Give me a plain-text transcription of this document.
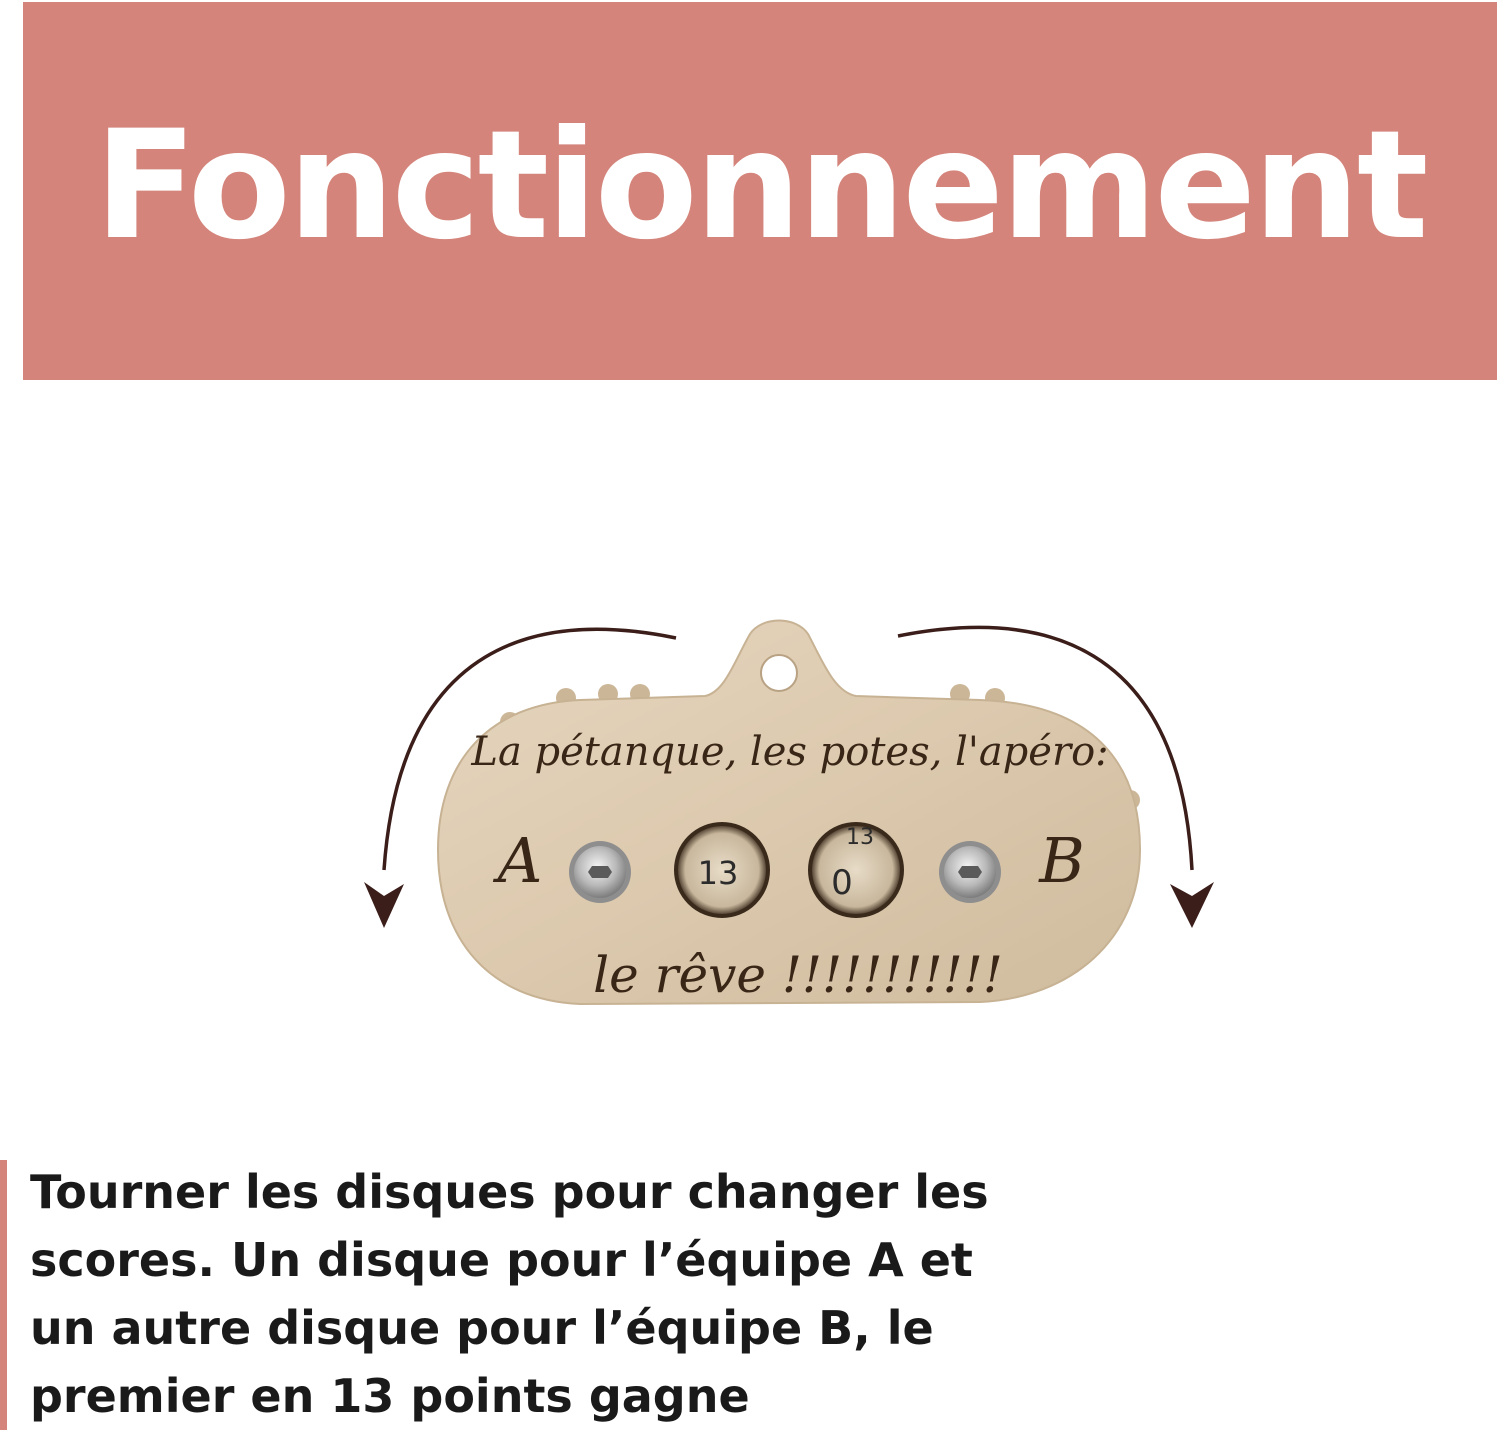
Fonctionnement
La pétanque, les potes, l'apéro:
A	B
13
13
0
le rêve !!!!!!!!!!!

Tourner les disques pour changer les
scores. Un disque pour l’équipe A et
un autre disque pour l’équipe B, le
premier en 13 points gagne
